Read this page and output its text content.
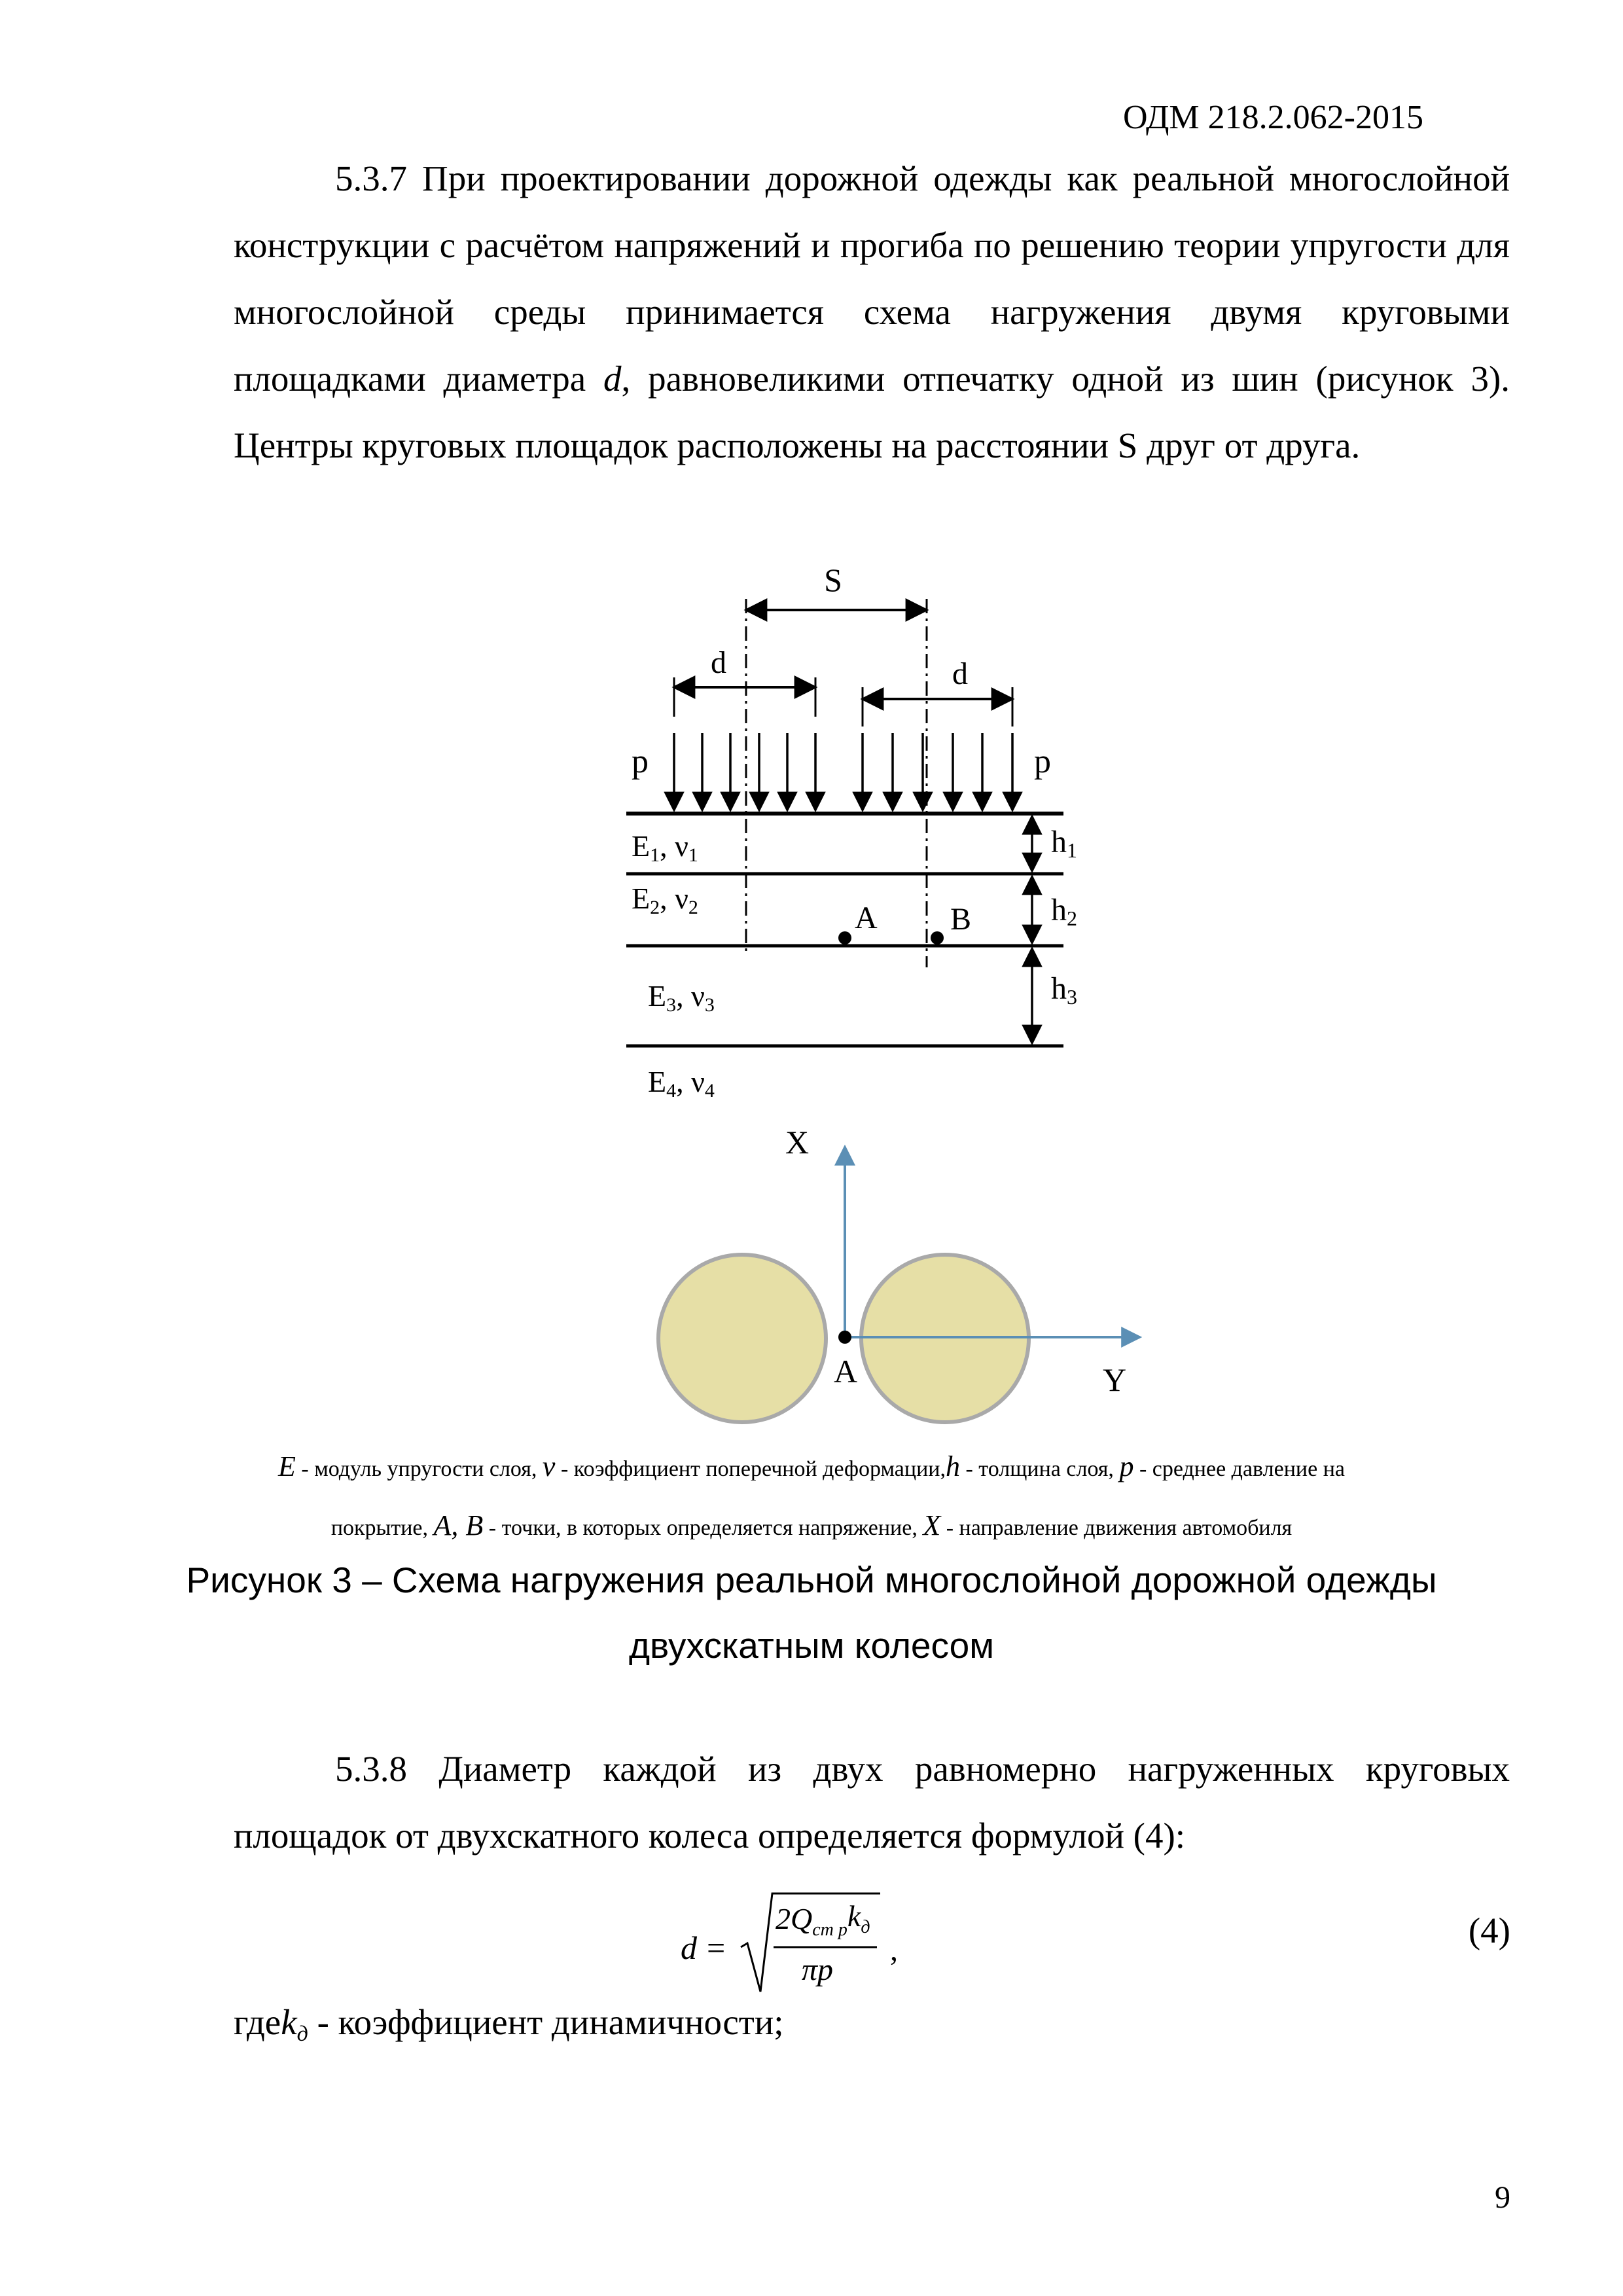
ОДМ 218.2.062-2015
5.3.7 При проектировании дорожной одежды как реальной многослойной конструкции с расчётом напряжений и прогиба по решению теории упругости для многослойной среды принимается схема нагружения двумя круговыми площадками диаметра d, равновеликими отпечатку одной из шин (рисунок 3). Центры круговых площадок расположены на расстоянии S друг от друга.
S
d	d
p	p
h1
h2
h3
E1, ν1
E2, ν2
E3, ν3
E4, ν4
A B
X
Y
A
E - модуль упругости слоя, ν - коэффициент поперечной деформации,h - толщина слоя, p - среднее давление на
покрытие, A, B - точки, в которых определяется напряжение, X - направление движения автомобиля
Рисунок 3 – Схема нагружения реальной многослойной дорожной одежды
двухскатным колесом
5.3.8 Диаметр каждой из двух равномерно нагруженных круговых площадок от двухскатного колеса определяется формулой (4):
d =
$2Q_{ст р}k_д$
πp
,	(4)
гдеkд - коэффициент динамичности;
9
